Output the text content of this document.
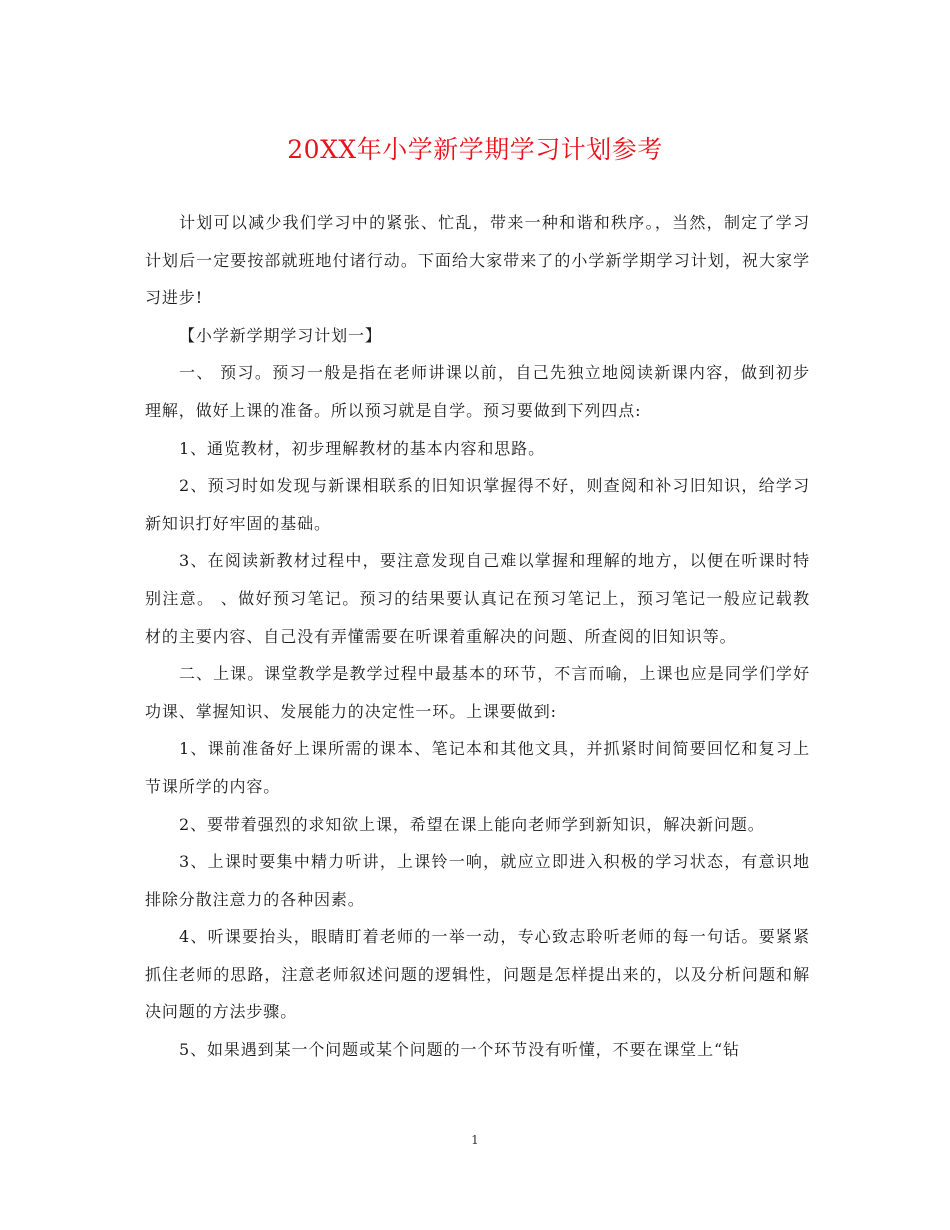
20XX年小学新学期学习计划参考

计划可以减少我们学习中的紧张、忙乱，带来一种和谐和秩序。，当然，制定了学习计划后一定要按部就班地付诸行动。下面给大家带来了的小学新学期学习计划，祝大家学习进步!

【小学新学期学习计划一】

一、 预习。预习一般是指在老师讲课以前，自己先独立地阅读新课内容，做到初步理解，做好上课的准备。所以预习就是自学。预习要做到下列四点:

1、通览教材，初步理解教材的基本内容和思路。

2、预习时如发现与新课相联系的旧知识掌握得不好，则查阅和补习旧知识，给学习新知识打好牢固的基础。

3、在阅读新教材过程中，要注意发现自己难以掌握和理解的地方，以便在听课时特别注意。 、做好预习笔记。预习的结果要认真记在预习笔记上，预习笔记一般应记载教材的主要内容、自己没有弄懂需要在听课着重解决的问题、所查阅的旧知识等。

二、上课。课堂教学是教学过程中最基本的环节，不言而喻，上课也应是同学们学好功课、掌握知识、发展能力的决定性一环。上课要做到:

1、课前准备好上课所需的课本、笔记本和其他文具，并抓紧时间简要回忆和复习上节课所学的内容。

2、要带着强烈的求知欲上课，希望在课上能向老师学到新知识，解决新问题。

3、上课时要集中精力听讲，上课铃一响，就应立即进入积极的学习状态，有意识地排除分散注意力的各种因素。

4、听课要抬头，眼睛盯着老师的一举一动，专心致志聆听老师的每一句话。要紧紧抓住老师的思路，注意老师叙述问题的逻辑性，问题是怎样提出来的，以及分析问题和解决问题的方法步骤。

5、如果遇到某一个问题或某个问题的一个环节没有听懂，不要在课堂上“钻

1
